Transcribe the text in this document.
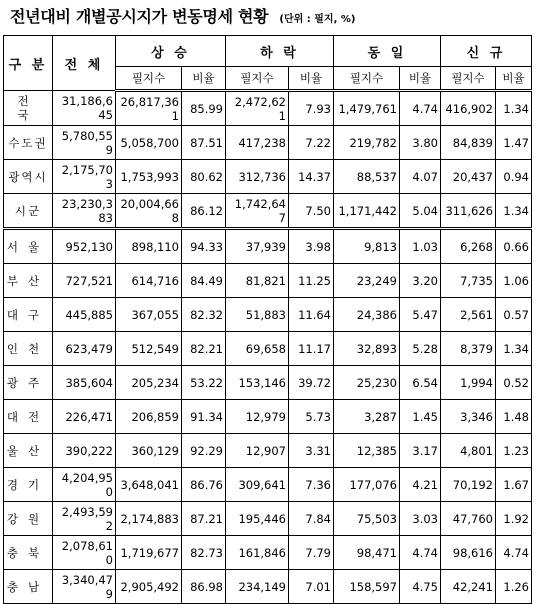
전년대비 개별공시지가 변동명세 현황 (단위 : 필지, %)
구 분	전 체	상 승		하 락		동 일		신 규	
		필지수	비율	필지수	비율	필지수	비율	필지수	비율
전 국	31,186,645	26,817,361	85.99	2,472,621	7.93	1,479,761	4.74	416,902	1.34
수도권	5,780,559	5,058,700	87.51	417,238	7.22	219,782	3.80	84,839	1.47
광역시	2,175,703	1,753,993	80.62	312,736	14.37	88,537	4.07	20,437	0.94
시군	23,230,383	20,004,668	86.12	1,742,647	7.50	1,171,442	5.04	311,626	1.34
서울	952,130	898,110	94.33	37,939	3.98	9,813	1.03	6,268	0.66
부산	727,521	614,716	84.49	81,821	11.25	23,249	3.20	7,735	1.06
대구	445,885	367,055	82.32	51,883	11.64	24,386	5.47	2,561	0.57
인천	623,479	512,549	82.21	69,658	11.17	32,893	5.28	8,379	1.34
광주	385,604	205,234	53.22	153,146	39.72	25,230	6.54	1,994	0.52
대전	226,471	206,859	91.34	12,979	5.73	3,287	1.45	3,346	1.48
울산	390,222	360,129	92.29	12,907	3.31	12,385	3.17	4,801	1.23
경기	4,204,950	3,648,041	86.76	309,641	7.36	177,076	4.21	70,192	1.67
강원	2,493,592	2,174,883	87.21	195,446	7.84	75,503	3.03	47,760	1.92
충북	2,078,610	1,719,677	82.73	161,846	7.79	98,471	4.74	98,616	4.74
충남	3,340,479	2,905,492	86.98	234,149	7.01	158,597	4.75	42,241	1.26
